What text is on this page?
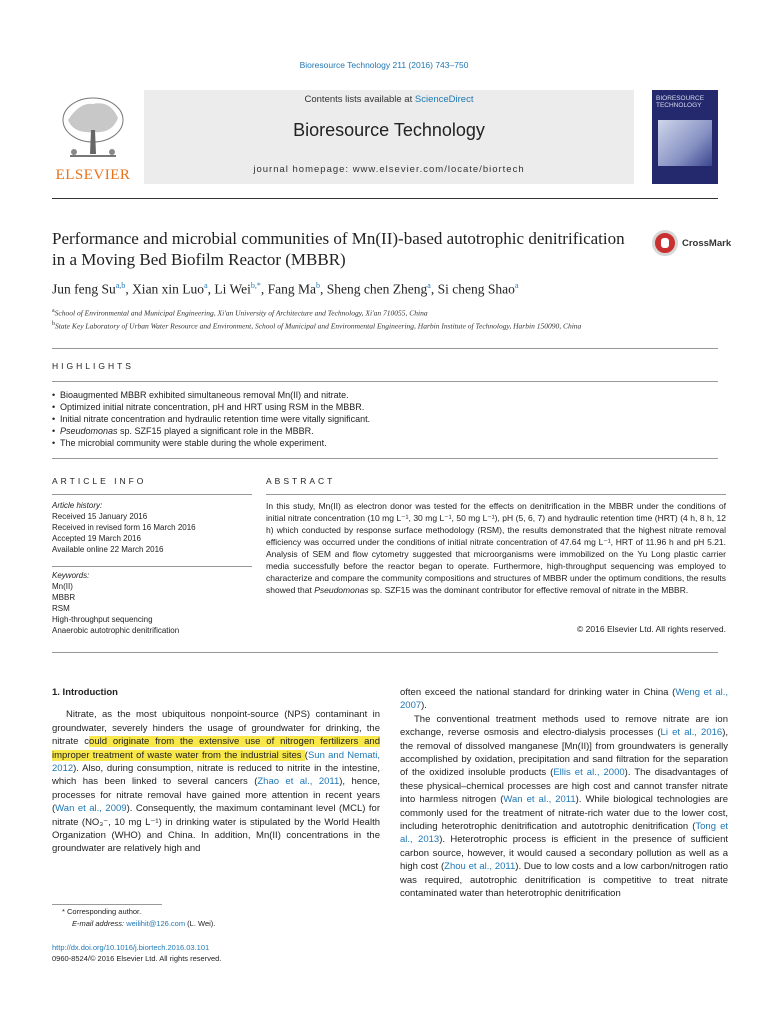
Bioresource Technology 211 (2016) 743–750
ELSEVIER
Contents lists available at ScienceDirect
Bioresource Technology
journal homepage: www.elsevier.com/locate/biortech
BIORESOURCE TECHNOLOGY
Performance and microbial communities of Mn(II)-based autotrophic denitrification in a Moving Bed Biofilm Reactor (MBBR)
CrossMark
Jun feng Su$^{a,b}$, Xian xin Luo$^a$, Li Wei$^{b,*}$, Fang Ma$^b$, Sheng chen Zheng$^a$, Si cheng Shao$^a$
$^a$School of Environmental and Municipal Engineering, Xi'an University of Architecture and Technology, Xi'an 710055, China
$^b$State Key Laboratory of Urban Water Resource and Environment, School of Municipal and Environmental Engineering, Harbin Institute of Technology, Harbin 150090, China
HIGHLIGHTS
• Bioaugmented MBBR exhibited simultaneous removal Mn(II) and nitrate.
• Optimized initial nitrate concentration, pH and HRT using RSM in the MBBR.
• Initial nitrate concentration and hydraulic retention time were vitally significant.
• Pseudomonas sp. SZF15 played a significant role in the MBBR.
• The microbial community were stable during the whole experiment.
ARTICLE INFO
Article history:
Received 15 January 2016
Received in revised form 16 March 2016
Accepted 19 March 2016
Available online 22 March 2016
Keywords:
Mn(II)
MBBR
RSM
High-throughput sequencing
Anaerobic autotrophic denitrification
ABSTRACT
In this study, Mn(II) as electron donor was tested for the effects on denitrification in the MBBR under the conditions of initial nitrate concentration (10 mg L⁻¹, 30 mg L⁻¹, 50 mg L⁻¹), pH (5, 6, 7) and hydraulic retention time (HRT) (4 h, 8 h, 12 h) which conducted by response surface methodology (RSM), the results demonstrated that the highest nitrate removal efficiency was occurred under the conditions of initial nitrate concentration of 47.64 mg L⁻¹, HRT of 11.96 h and pH 5.21. Analysis of SEM and flow cytometry suggested that microorganisms were immobilized on the Yu Long plastic carrier media successfully before the reactor began to operate. Furthermore, high-throughput sequencing was employed to characterize and compare the community compositions and structures of MBBR under the optimum conditions, the results showed that Pseudomonas sp. SZF15 was the dominant contributor for effective removal of nitrate in the MBBR.
© 2016 Elsevier Ltd. All rights reserved.
1. Introduction

Nitrate, as the most ubiquitous nonpoint-source (NPS) contaminant in groundwater, severely hinders the usage of groundwater for drinking, the nitrate could originate from the extensive use of nitrogen fertilizers and improper treatment of waste water from the industrial sites (Sun and Nemati, 2012). Also, during consumption, nitrate is reduced to nitrite in the intestine, which has been linked to several cancers (Zhao et al., 2011), hence, processes for nitrate removal have gained more attention in recent years (Wan et al., 2009). Consequently, the maximum contaminant level (MCL) for nitrate (NO₃⁻, 10 mg L⁻¹) in drinking water is stipulated by the World Health Organization (WHO) and China. In addition, Mn(II) concentrations in the groundwater are relatively high and

often exceed the national standard for drinking water in China (Weng et al., 2007).

The conventional treatment methods used to remove nitrate are ion exchange, reverse osmosis and electro-dialysis processes (Li et al., 2016), the removal of dissolved manganese [Mn(II)] from groundwaters is generally accomplished by oxidation, precipitation and sand filtration for the separation of the oxidized insoluble products (Ellis et al., 2000). The disadvantages of these physical–chemical processes are high cost and cannot transfer nitrate into harmless nitrogen (Wan et al., 2011). While biological technologies are commonly used for the treatment of nitrate-rich water due to the lower cost, including heterotrophic denitrification and autotrophic denitrification (Tong et al., 2013). Heterotrophic process is efficient in the presence of sufficient carbon source, however, it would caused a secondary pollution as well as a high cost (Zhou et al., 2011). Due to low costs and a low carbon/nitrogen ratio was required, autotrophic denitrification is competitive to treat nitrate contaminated water than heterotrophic denitrification

* Corresponding author.
E-mail address: weilihit@126.com (L. Wei).
http://dx.doi.org/10.1016/j.biortech.2016.03.101
0960-8524/© 2016 Elsevier Ltd. All rights reserved.
